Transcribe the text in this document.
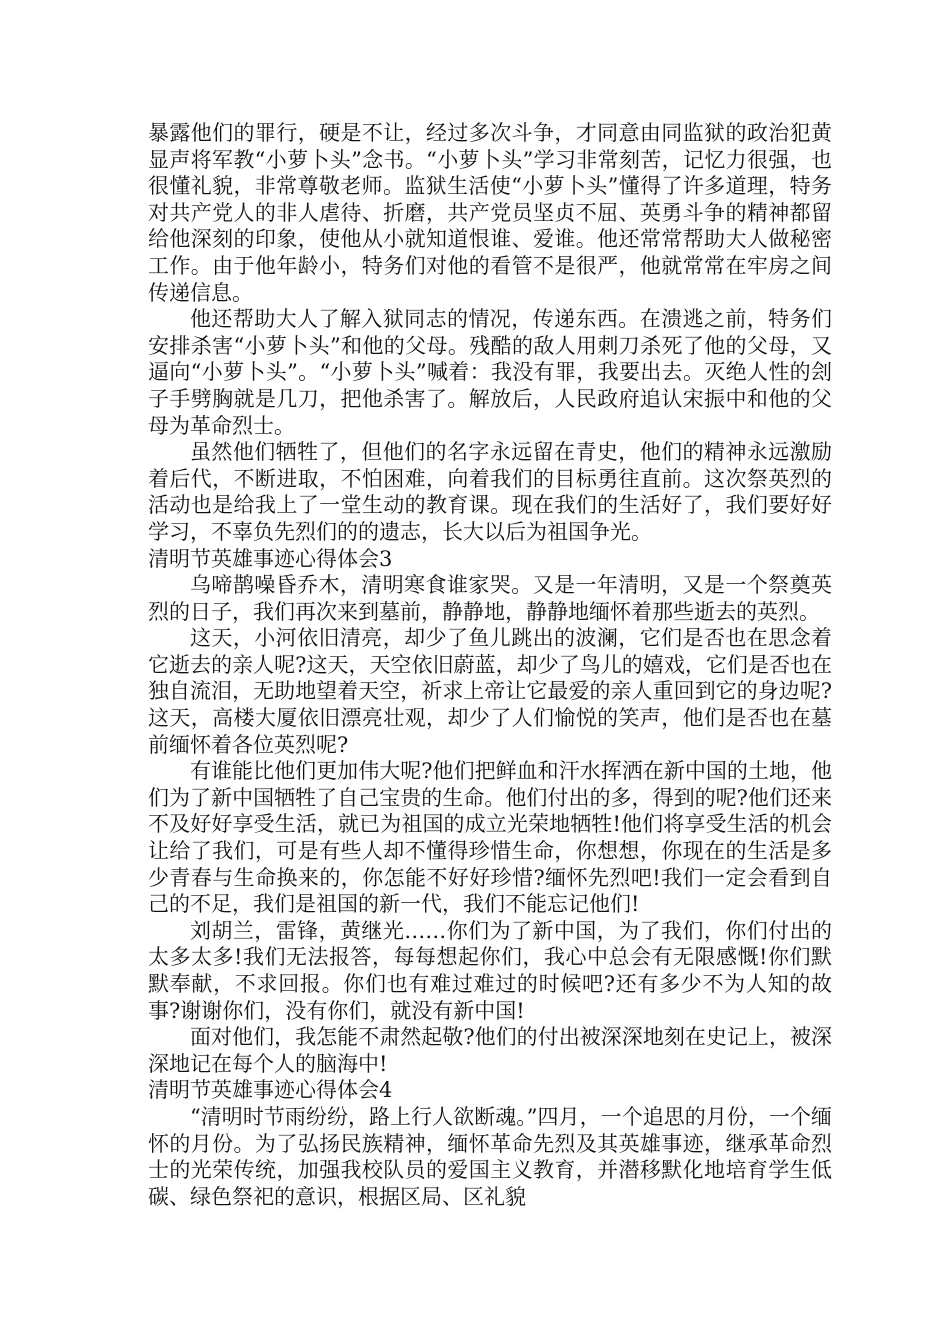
暴露他们的罪行，硬是不让，经过多次斗争，才同意由同监狱的政治犯黄显声将军教“小萝卜头”念书。“小萝卜头”学习非常刻苦，记忆力很强，也很懂礼貌，非常尊敬老师。监狱生活使“小萝卜头”懂得了许多道理，特务对共产党人的非人虐待、折磨，共产党员坚贞不屈、英勇斗争的精神都留给他深刻的印象，使他从小就知道恨谁、爱谁。他还常常帮助大人做秘密工作。由于他年龄小，特务们对他的看管不是很严，他就常常在牢房之间传递信息。

他还帮助大人了解入狱同志的情况，传递东西。在溃逃之前，特务们安排杀害“小萝卜头”和他的父母。残酷的敌人用刺刀杀死了他的父母，又逼向“小萝卜头”。“小萝卜头”喊着：我没有罪，我要出去。灭绝人性的刽子手劈胸就是几刀，把他杀害了。解放后，人民政府追认宋振中和他的父母为革命烈士。

虽然他们牺牲了，但他们的名字永远留在青史，他们的精神永远激励着后代，不断进取，不怕困难，向着我们的目标勇往直前。这次祭英烈的活动也是给我上了一堂生动的教育课。现在我们的生活好了，我们要好好学习，不辜负先烈们的的遗志，长大以后为祖国争光。

清明节英雄事迹心得体会3

乌啼鹊噪昏乔木，清明寒食谁家哭。又是一年清明，又是一个祭奠英烈的日子，我们再次来到墓前，静静地，静静地缅怀着那些逝去的英烈。

这天，小河依旧清亮，却少了鱼儿跳出的波澜，它们是否也在思念着它逝去的亲人呢?这天，天空依旧蔚蓝，却少了鸟儿的嬉戏，它们是否也在独自流泪，无助地望着天空，祈求上帝让它最爱的亲人重回到它的身边呢?这天，高楼大厦依旧漂亮壮观，却少了人们愉悦的笑声，他们是否也在墓前缅怀着各位英烈呢?

有谁能比他们更加伟大呢?他们把鲜血和汗水挥洒在新中国的土地，他们为了新中国牺牲了自己宝贵的生命。他们付出的多，得到的呢?他们还来不及好好享受生活，就已为祖国的成立光荣地牺牲!他们将享受生活的机会让给了我们，可是有些人却不懂得珍惜生命，你想想，你现在的生活是多少青春与生命换来的，你怎能不好好珍惜?缅怀先烈吧!我们一定会看到自己的不足，我们是祖国的新一代，我们不能忘记他们!

刘胡兰，雷锋，黄继光……你们为了新中国，为了我们，你们付出的太多太多!我们无法报答，每每想起你们，我心中总会有无限感慨!你们默默奉献，不求回报。你们也有难过难过的时候吧?还有多少不为人知的故事?谢谢你们，没有你们，就没有新中国!

面对他们，我怎能不肃然起敬?他们的付出被深深地刻在史记上，被深深地记在每个人的脑海中!

清明节英雄事迹心得体会4

“清明时节雨纷纷，路上行人欲断魂。”四月，一个追思的月份，一个缅怀的月份。为了弘扬民族精神，缅怀革命先烈及其英雄事迹，继承革命烈士的光荣传统，加强我校队员的爱国主义教育，并潜移默化地培育学生低碳、绿色祭祀的意识，根据区局、区礼貌
